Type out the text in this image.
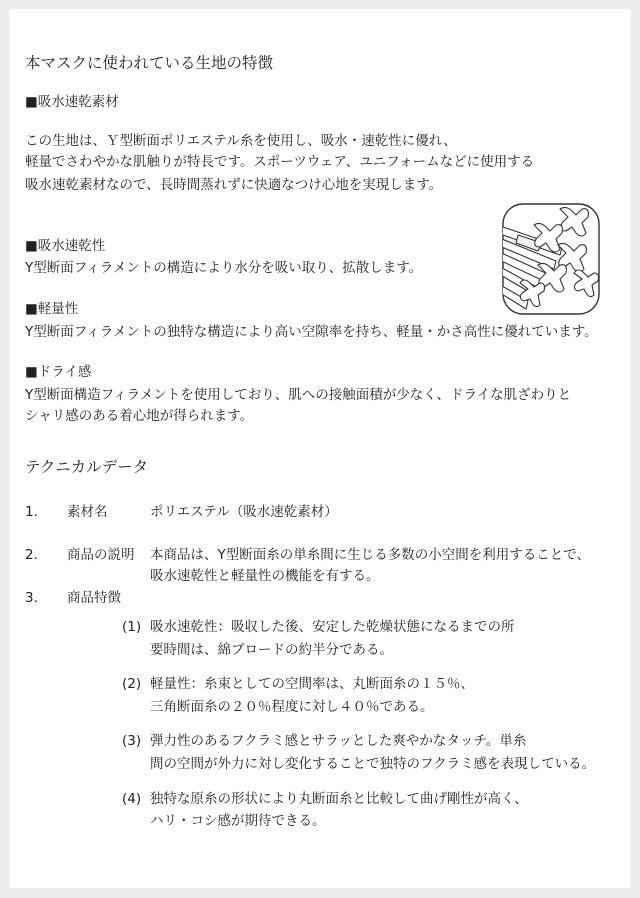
本マスクに使われている生地の特徴
■吸水速乾素材
この生地は、Ｙ型断面ポリエステル糸を使用し、吸水・速乾性に優れ、
軽量でさわやかな肌触りが特長です。スポーツウェア、ユニフォームなどに使用する
吸水速乾素材なので、長時間蒸れずに快適なつけ心地を実現します。
■吸水速乾性
Y型断面フィラメントの構造により水分を吸い取り、拡散します。
■軽量性
Y型断面フィラメントの独特な構造により高い空隙率を持ち、軽量・かさ高性に優れています。
■ドライ感
Y型断面構造フィラメントを使用しており、肌への接触面積が少なく、ドライな肌ざわりと
シャリ感のある着心地が得られます。
テクニカルデータ
1. 素材名	ポリエステル（吸水速乾素材）
2. 商品の説明 本商品は、Y型断面糸の単糸間に生じる多数の小空間を利用することで、
吸水速乾性と軽量性の機能を有する。
3. 商品特徴
(1) 吸水速乾性：吸収した後、安定した乾燥状態になるまでの所
要時間は、綿ブロードの約半分である。
(2) 軽量性：糸束としての空間率は、丸断面糸の１５％、
三角断面糸の２０％程度に対し４０％である。
(3) 弾力性のあるフクラミ感とサラッとした爽やかなタッチ。単糸
間の空間が外力に対し変化することで独特のフクラミ感を表現している。
(4) 独特な原糸の形状により丸断面糸と比較して曲げ剛性が高く、
ハリ・コシ感が期待できる。
